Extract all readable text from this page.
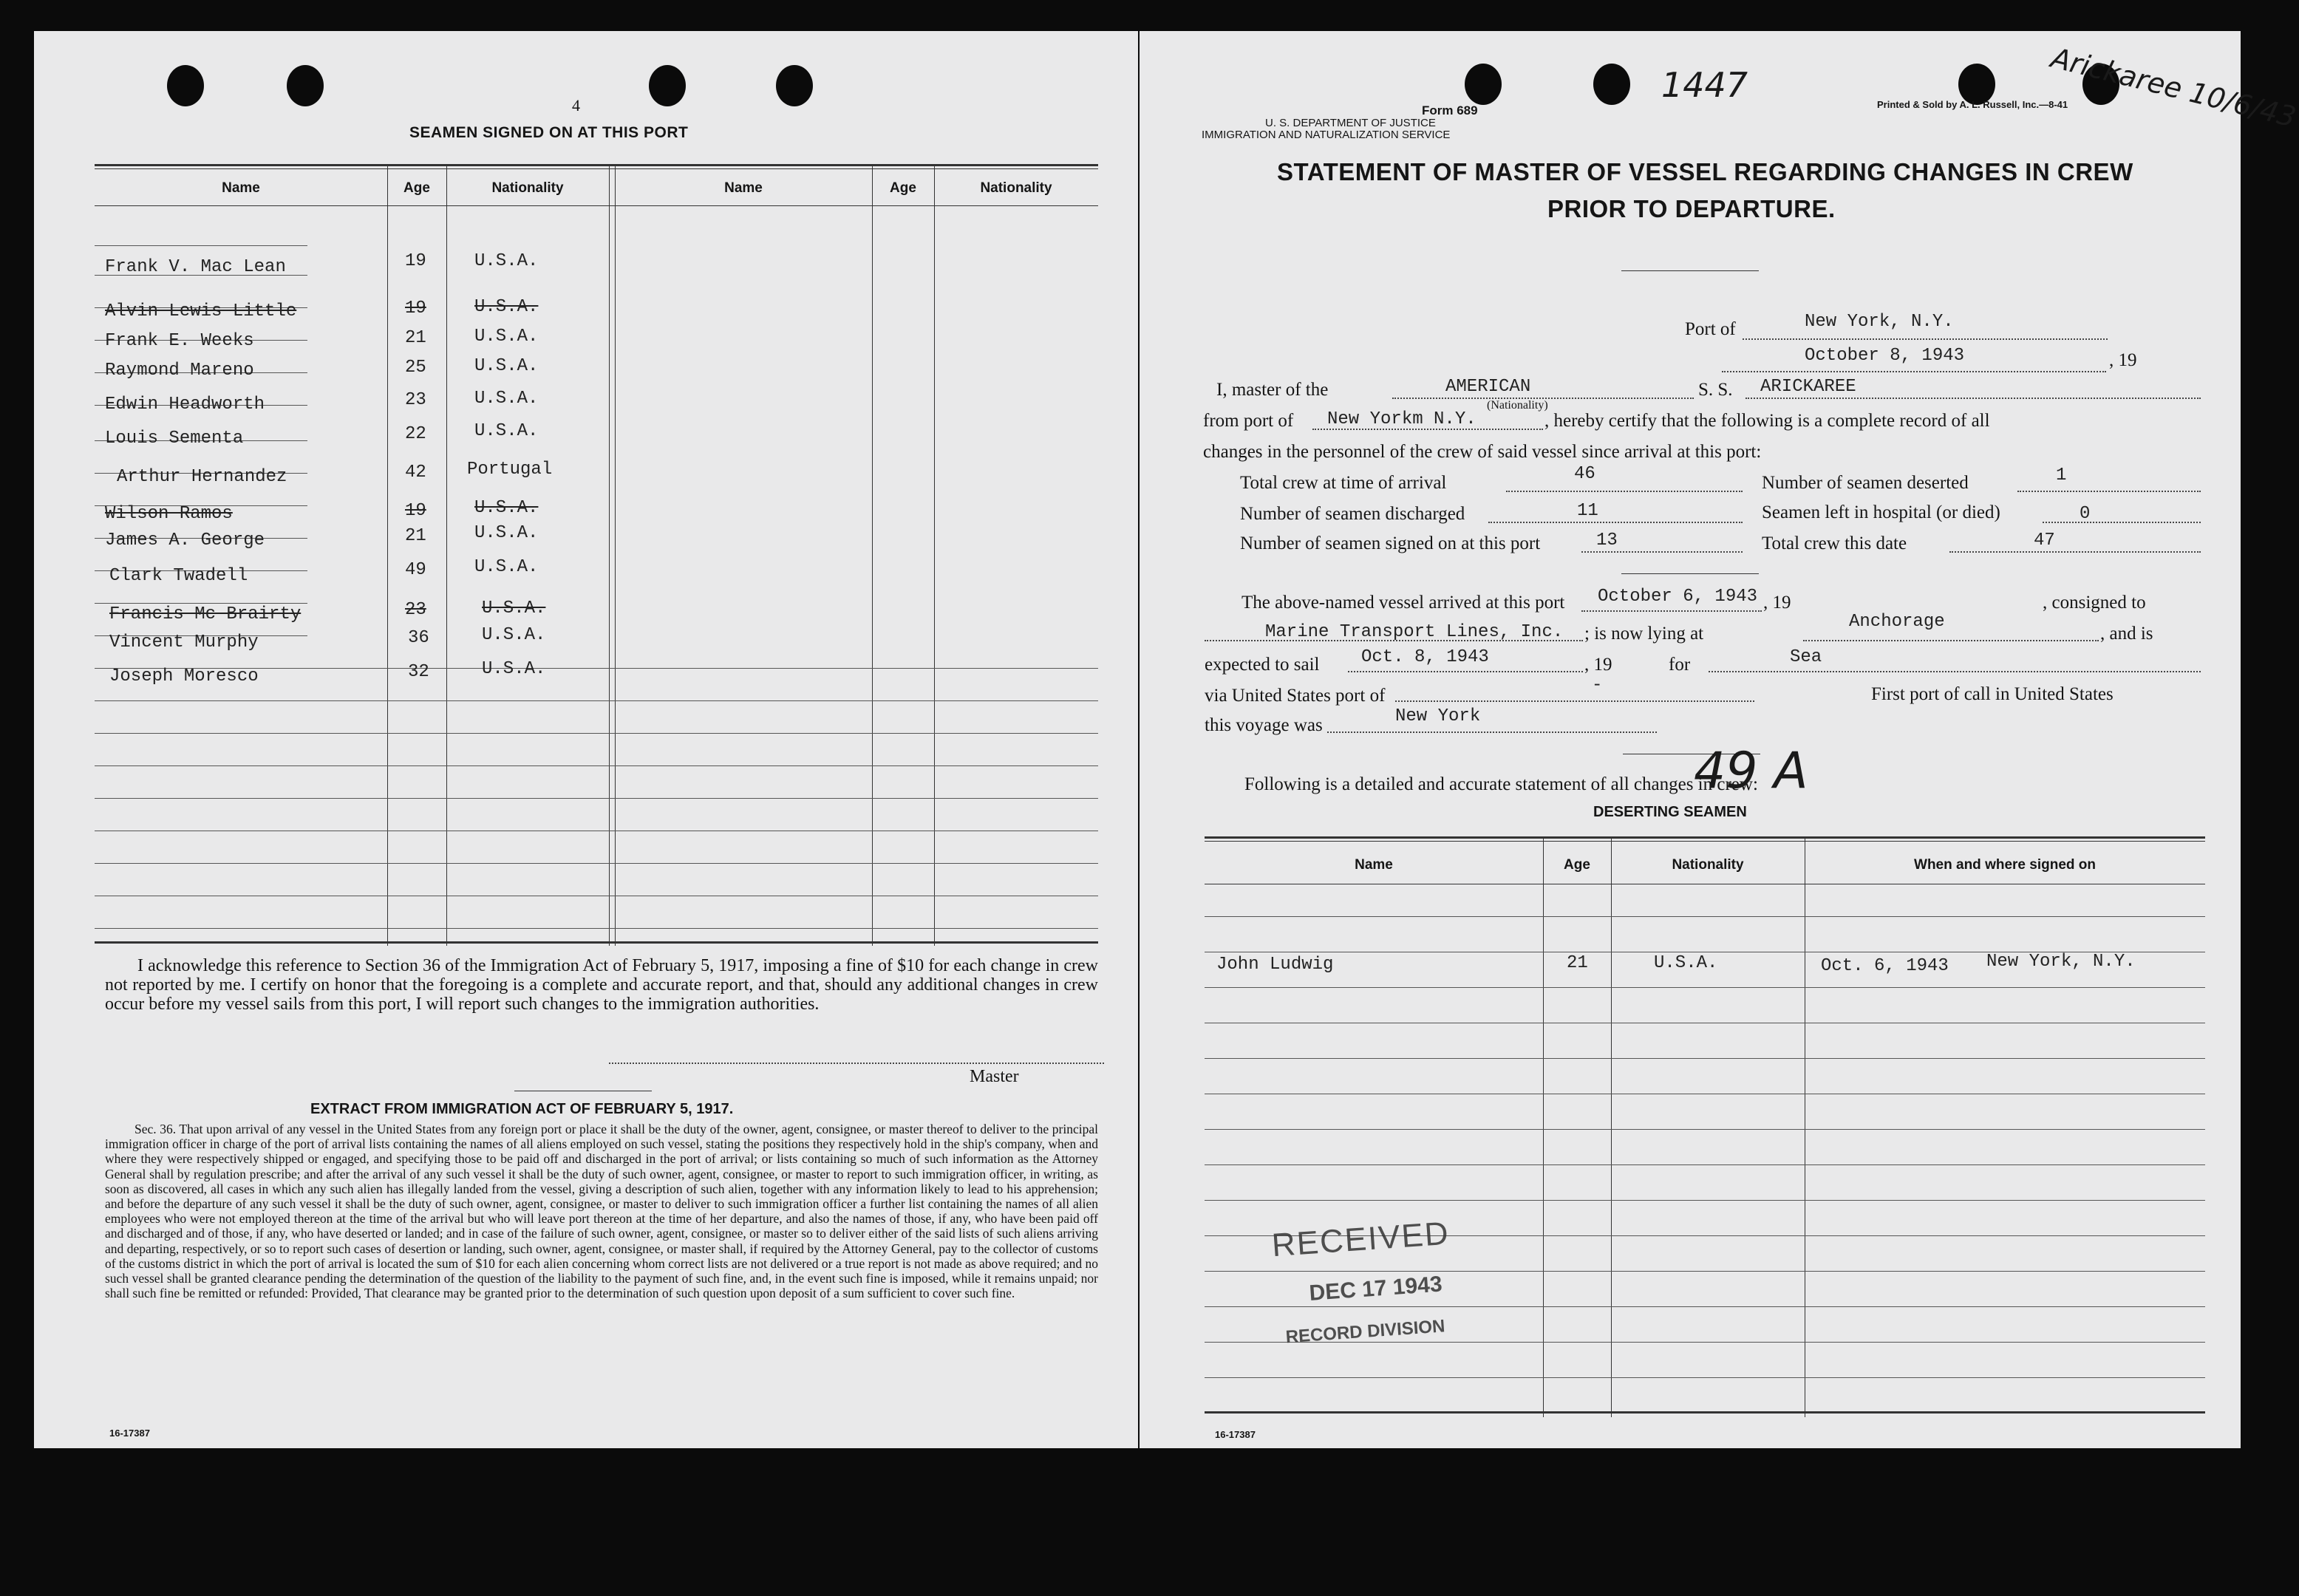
4
SEAMEN SIGNED ON AT THIS PORT
Name	Age	Nationality	Name	Age	Nationality
Frank V. Mac Lean	19	U.S.A.
Alvin Lewis Little	19	U.S.A.
Frank E. Weeks	21	U.S.A.
Raymond Mareno	25	U.S.A.
Edwin Headworth	23	U.S.A.
Louis Sementa	22	U.S.A.
Arthur Hernandez	42 Portugal
Wilson Ramos	19	U.S.A.
James A. George	21	U.S.A.
Clark Twadell	49	U.S.A.
Francis Mc Brairty	23	U.S.A.
Vincent Murphy	36	U.S.A.
Joseph Moresco	32	U.S.A.
I acknowledge this reference to Section 36 of the Immigration Act of February 5, 1917, imposing a fine of $10 for each change in crew not reported by me. I certify on honor that the foregoing is a complete and accurate report, and that, should any additional changes in crew occur before my vessel sails from this port, I will report such changes to the immigration authorities.
Master
EXTRACT FROM IMMIGRATION ACT OF FEBRUARY 5, 1917.
Sec. 36. That upon arrival of any vessel in the United States from any foreign port or place it shall be the duty of the owner, agent, consignee, or master thereof to deliver to the principal immigration officer in charge of the port of arrival lists containing the names of all aliens employed on such vessel, stating the positions they respectively hold in the ship's company, when and where they were respectively shipped or engaged, and specifying those to be paid off and discharged in the port of arrival; or lists containing so much of such information as the Attorney General shall by regulation prescribe; and after the arrival of any such vessel it shall be the duty of such owner, agent, consignee, or master to report to such immigration officer, in writing, as soon as discovered, all cases in which any such alien has illegally landed from the vessel, giving a description of such alien, together with any information likely to lead to his apprehension; and before the departure of any such vessel it shall be the duty of such owner, agent, consignee, or master to deliver to such immigration officer a further list containing the names of all alien employees who were not employed thereon at the time of the arrival but who will leave port thereon at the time of her departure, and also the names of those, if any, who have been paid off and discharged and of those, if any, who have deserted or landed; and in case of the failure of such owner, agent, consignee, or master so to deliver either of the said lists of such aliens arriving and departing, respectively, or so to report such cases of desertion or landing, such owner, agent, consignee, or master shall, if required by the Attorney General, pay to the collector of customs of the customs district in which the port of arrival is located the sum of $10 for each alien concerning whom correct lists are not delivered or a true report is not made as above required; and no such vessel shall be granted clearance pending the determination of the question of the liability to the payment of such fine, and, in the event such fine is imposed, while it remains unpaid; nor shall such fine be remitted or refunded: Provided, That clearance may be granted prior to the determination of such question upon deposit of a sum sufficient to cover such fine.
16-17387
1447	Arickaree 10/6/43
Form 689
U. S. DEPARTMENT OF JUSTICE
IMMIGRATION AND NATURALIZATION SERVICE
Printed & Sold by A. L. Russell, Inc.—8-41
STATEMENT OF MASTER OF VESSEL REGARDING CHANGES IN CREW
PRIOR TO DEPARTURE.
Port of	New York, N.Y.
October 8, 1943	, 19
I, master of the	AMERICAN
(Nationality)
S. S. ARICKAREE
from port of New Yorkm N.Y.	, hereby certify that the following is a complete record of all
changes in the personnel of the crew of said vessel since arrival at this port:
Total crew at time of arrival	46	Number of seamen deserted	1
Number of seamen discharged	11	Seamen left in hospital (or died)	0
Number of seamen signed on at this port	13	Total crew this date	47
The above-named vessel arrived at this port October 6, 1943 , 19	, consigned to
Marine Transport Lines, Inc. ; is now lying at
Anchorage
, and is
expected to sail Oct. 8, 1943	, 19	for	Sea
via United States port of
-	First port of call in United States
this voyage was	New York
Following is a detailed and accurate statement of all changes in crew:
49 A
DESERTING SEAMEN
Name	Age	Nationality	When and where signed on
John Ludwig	21	U.S.A.	Oct. 6, 1943 New York, N.Y.
RECEIVED
DEC 17 1943
RECORD DIVISION
16-17387
